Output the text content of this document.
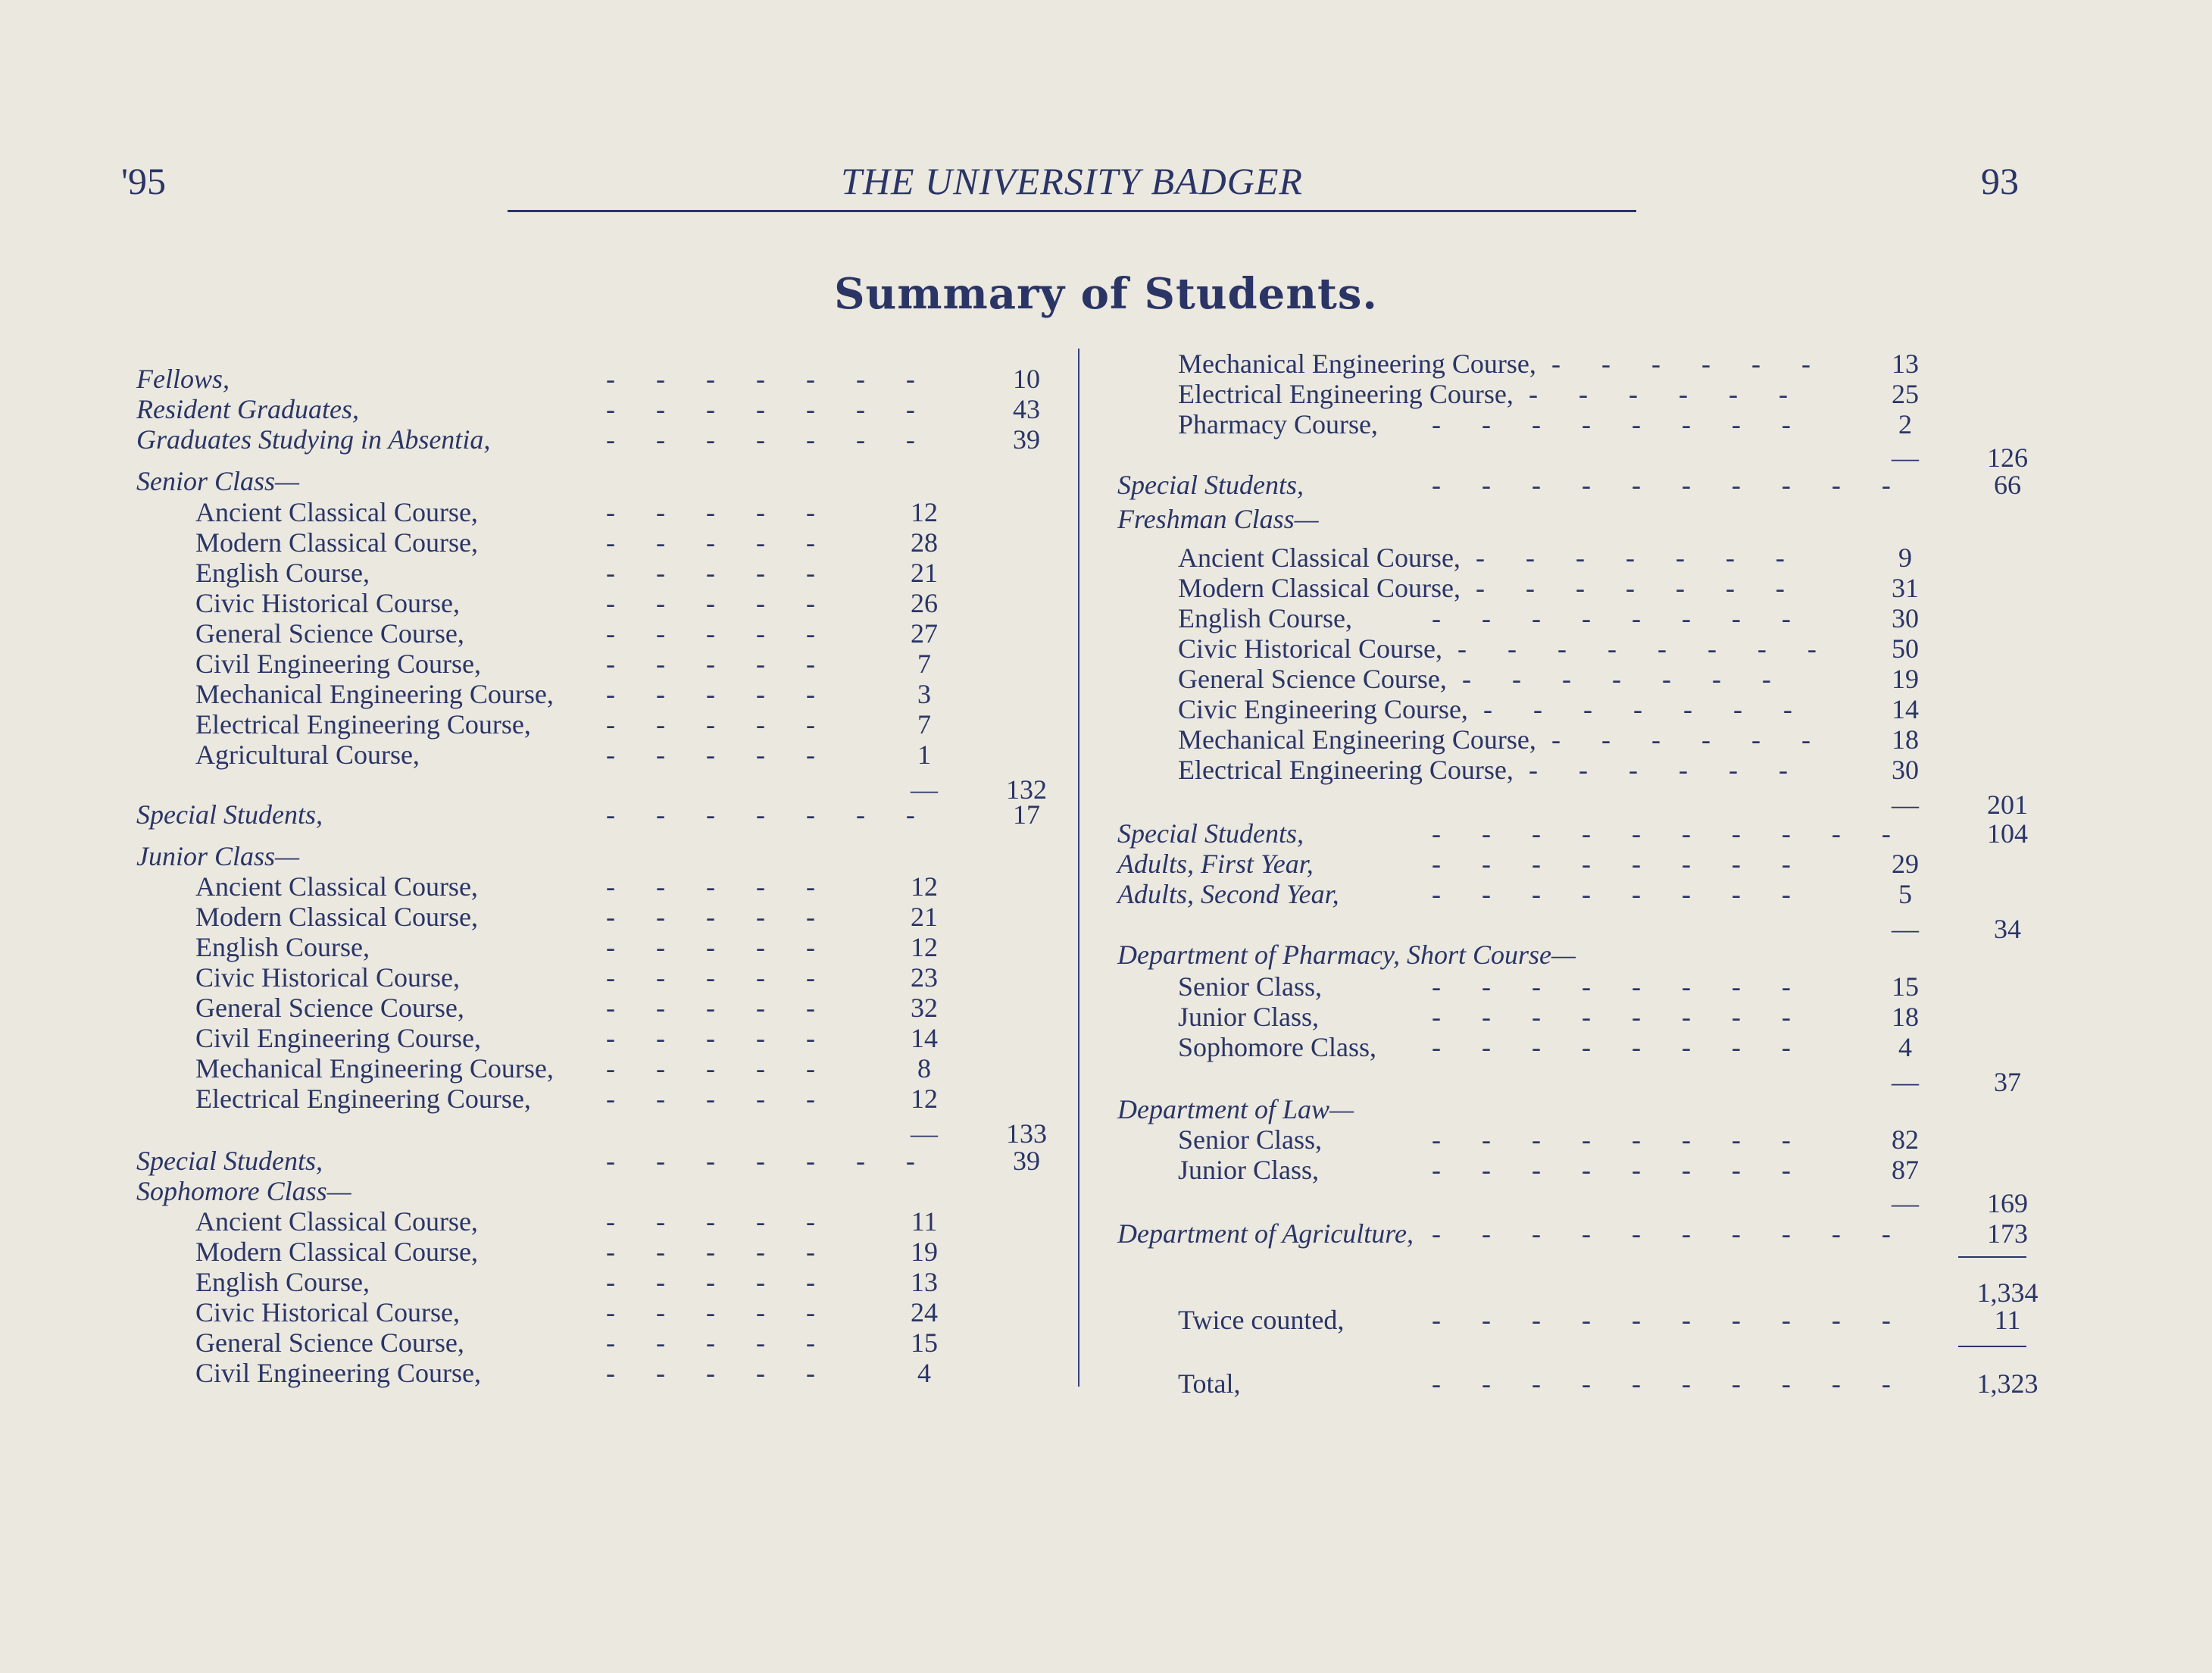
'95	THE UNIVERSITY BADGER	93
Summary of Students.
Fellows,	-      -      -      -      -      -      -	10
Resident Graduates,	-      -      -      -      -      -      -	43
Graduates Studying in Absentia,	-      -      -      -      -      -      -	39
Senior Class—
Ancient Classical Course,	-      -      -      -      -	12
Modern Classical Course,	-      -      -      -      -	28
English Course,	-      -      -      -      -	21
Civic Historical Course,	-      -      -      -      -	26
General Science Course,	-      -      -      -      -	27
Civil Engineering Course,	-      -      -      -      -	7
Mechanical Engineering Course, -      -      -      -      -	3
Electrical Engineering Course,	-      -      -      -      -	7
Agricultural Course,	-      -      -      -      -	1
—	132
Special Students,	-      -      -      -      -      -      -	17
Junior Class—
Ancient Classical Course,	-      -      -      -      -	12
Modern Classical Course,	-      -      -      -      -	21
English Course,	-      -      -      -      -	12
Civic Historical Course,	-      -      -      -      -	23
General Science Course,	-      -      -      -      -	32
Civil Engineering Course,	-      -      -      -      -	14
Mechanical Engineering Course, -      -      -      -      -	8
Electrical Engineering Course,	-      -      -      -      -	12
—	133
Special Students,	-      -      -      -      -      -      -	39
Sophomore Class—
Ancient Classical Course,	-      -      -      -      -	11
Modern Classical Course,	-      -      -      -      -	19
English Course,	-      -      -      -      -	13
Civic Historical Course,	-      -      -      -      -	24
General Science Course,	-      -      -      -      -	15
Civil Engineering Course,	-      -      -      -      -	4
Mechanical Engineering Course, -      -      -      -      -      -	13
Electrical Engineering Course, -      -      -      -      -      -	25
Pharmacy Course, -      -      -      -      -      -      -      -	2
—	126
Special Students,	-      -      -      -      -      -      -      -      -      -	66
Freshman Class—
Ancient Classical Course, -      -      -      -      -      -      -	9
Modern Classical Course, -      -      -      -      -      -      -	31
English Course,	-      -      -      -      -      -      -      -	30
Civic Historical Course, -      -      -      -      -      -      -      -	50
General Science Course, -      -      -      -      -      -      -	19
Civic Engineering Course, -      -      -      -      -      -      -	14
Mechanical Engineering Course, -      -      -      -      -      -	18
Electrical Engineering Course, -      -      -      -      -      -	30
—	201
Special Students,	-      -      -      -      -      -      -      -      -      -	104
Adults, First Year,	-      -      -      -      -      -      -      -	29
Adults, Second Year,	-      -      -      -      -      -      -      -	5
—	34
Department of Pharmacy, Short Course—
Senior Class,	-      -      -      -      -      -      -      -	15
Junior Class,	-      -      -      -      -      -      -      -	18
Sophomore Class, -      -      -      -      -      -      -      -	4
—	37
Department of Law—
Senior Class,	-      -      -      -      -      -      -      -	82
Junior Class,	-      -      -      -      -      -      -      -	87
—	169
Department of Agriculture, -      -      -      -      -      -      -      -      -      -	173
1,334
Twice counted,	-      -      -      -      -      -      -      -      -      -	11
Total,	-      -      -      -      -      -      -      -      -      -	1,323
